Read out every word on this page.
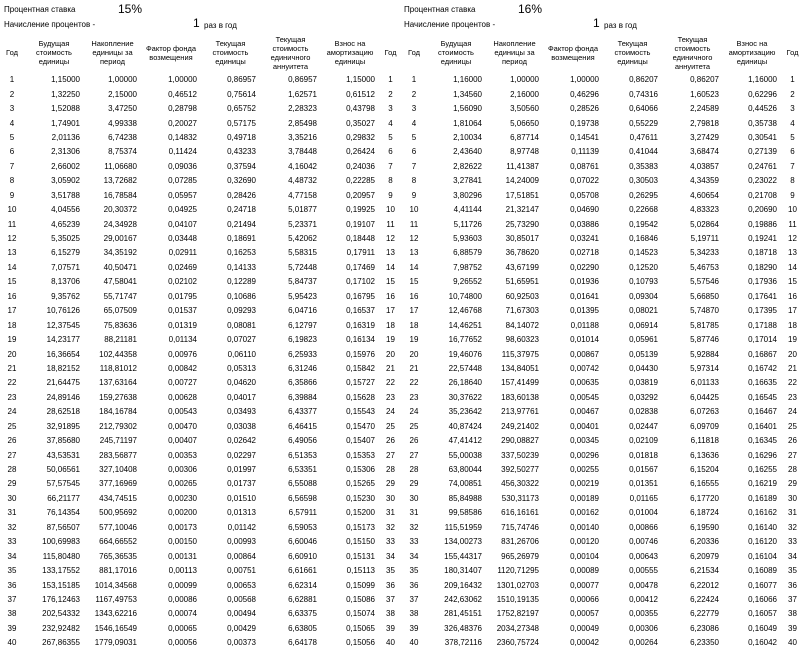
Процентная ставка	15%
Начисление процентов -	1 раз в год
Год	Будущая стоимость единицы	Накопление единицы за период	Фактор фонда возмещения	Текущая стоимость единицы	Текущая стоимость единичного аннуитета	Взнос на амортизацию единицы	Год
1	1,15000	1,00000	1,00000	0,86957	0,86957	1,15000	1
2	1,32250	2,15000	0,46512	0,75614	1,62571	0,61512	2
3	1,52088	3,47250	0,28798	0,65752	2,28323	0,43798	3
4	1,74901	4,99338	0,20027	0,57175	2,85498	0,35027	4
5	2,01136	6,74238	0,14832	0,49718	3,35216	0,29832	5
6	2,31306	8,75374	0,11424	0,43233	3,78448	0,26424	6
7	2,66002	11,06680	0,09036	0,37594	4,16042	0,24036	7
8	3,05902	13,72682	0,07285	0,32690	4,48732	0,22285	8
9	3,51788	16,78584	0,05957	0,28426	4,77158	0,20957	9
10	4,04556	20,30372	0,04925	0,24718	5,01877	0,19925	10
11	4,65239	24,34928	0,04107	0,21494	5,23371	0,19107	11
12	5,35025	29,00167	0,03448	0,18691	5,42062	0,18448	12
13	6,15279	34,35192	0,02911	0,16253	5,58315	0,17911	13
14	7,07571	40,50471	0,02469	0,14133	5,72448	0,17469	14
15	8,13706	47,58041	0,02102	0,12289	5,84737	0,17102	15
16	9,35762	55,71747	0,01795	0,10686	5,95423	0,16795	16
17	10,76126	65,07509	0,01537	0,09293	6,04716	0,16537	17
18	12,37545	75,83636	0,01319	0,08081	6,12797	0,16319	18
19	14,23177	88,21181	0,01134	0,07027	6,19823	0,16134	19
20	16,36654	102,44358	0,00976	0,06110	6,25933	0,15976	20
21	18,82152	118,81012	0,00842	0,05313	6,31246	0,15842	21
22	21,64475	137,63164	0,00727	0,04620	6,35866	0,15727	22
23	24,89146	159,27638	0,00628	0,04017	6,39884	0,15628	23
24	28,62518	184,16784	0,00543	0,03493	6,43377	0,15543	24
25	32,91895	212,79302	0,00470	0,03038	6,46415	0,15470	25
26	37,85680	245,71197	0,00407	0,02642	6,49056	0,15407	26
27	43,53531	283,56877	0,00353	0,02297	6,51353	0,15353	27
28	50,06561	327,10408	0,00306	0,01997	6,53351	0,15306	28
29	57,57545	377,16969	0,00265	0,01737	6,55088	0,15265	29
30	66,21177	434,74515	0,00230	0,01510	6,56598	0,15230	30
31	76,14354	500,95692	0,00200	0,01313	6,57911	0,15200	31
32	87,56507	577,10046	0,00173	0,01142	6,59053	0,15173	32
33	100,69983	664,66552	0,00150	0,00993	6,60046	0,15150	33
34	115,80480	765,36535	0,00131	0,00864	6,60910	0,15131	34
35	133,17552	881,17016	0,00113	0,00751	6,61661	0,15113	35
36	153,15185	1014,34568	0,00099	0,00653	6,62314	0,15099	36
37	176,12463	1167,49753	0,00086	0,00568	6,62881	0,15086	37
38	202,54332	1343,62216	0,00074	0,00494	6,63375	0,15074	38
39	232,92482	1546,16549	0,00065	0,00429	6,63805	0,15065	39
40	267,86355	1779,09031	0,00056	0,00373	6,64178	0,15056	40
Процентная ставка	16%
Начисление процентов -	1 раз в год
Год	Будущая стоимость единицы	Накопление единицы за период	Фактор фонда возмещения	Текущая стоимость единицы	Текущая стоимость единичного аннуитета	Взнос на амортизацию единицы	Год
1	1,16000	1,00000	1,00000	0,86207	0,86207	1,16000	1
2	1,34560	2,16000	0,46296	0,74316	1,60523	0,62296	2
3	1,56090	3,50560	0,28526	0,64066	2,24589	0,44526	3
4	1,81064	5,06650	0,19738	0,55229	2,79818	0,35738	4
5	2,10034	6,87714	0,14541	0,47611	3,27429	0,30541	5
6	2,43640	8,97748	0,11139	0,41044	3,68474	0,27139	6
7	2,82622	11,41387	0,08761	0,35383	4,03857	0,24761	7
8	3,27841	14,24009	0,07022	0,30503	4,34359	0,23022	8
9	3,80296	17,51851	0,05708	0,26295	4,60654	0,21708	9
10	4,41144	21,32147	0,04690	0,22668	4,83323	0,20690	10
11	5,11726	25,73290	0,03886	0,19542	5,02864	0,19886	11
12	5,93603	30,85017	0,03241	0,16846	5,19711	0,19241	12
13	6,88579	36,78620	0,02718	0,14523	5,34233	0,18718	13
14	7,98752	43,67199	0,02290	0,12520	5,46753	0,18290	14
15	9,26552	51,65951	0,01936	0,10793	5,57546	0,17936	15
16	10,74800	60,92503	0,01641	0,09304	5,66850	0,17641	16
17	12,46768	71,67303	0,01395	0,08021	5,74870	0,17395	17
18	14,46251	84,14072	0,01188	0,06914	5,81785	0,17188	18
19	16,77652	98,60323	0,01014	0,05961	5,87746	0,17014	19
20	19,46076	115,37975	0,00867	0,05139	5,92884	0,16867	20
21	22,57448	134,84051	0,00742	0,04430	5,97314	0,16742	21
22	26,18640	157,41499	0,00635	0,03819	6,01133	0,16635	22
23	30,37622	183,60138	0,00545	0,03292	6,04425	0,16545	23
24	35,23642	213,97761	0,00467	0,02838	6,07263	0,16467	24
25	40,87424	249,21402	0,00401	0,02447	6,09709	0,16401	25
26	47,41412	290,08827	0,00345	0,02109	6,11818	0,16345	26
27	55,00038	337,50239	0,00296	0,01818	6,13636	0,16296	27
28	63,80044	392,50277	0,00255	0,01567	6,15204	0,16255	28
29	74,00851	456,30322	0,00219	0,01351	6,16555	0,16219	29
30	85,84988	530,31173	0,00189	0,01165	6,17720	0,16189	30
31	99,58586	616,16161	0,00162	0,01004	6,18724	0,16162	31
32	115,51959	715,74746	0,00140	0,00866	6,19590	0,16140	32
33	134,00273	831,26706	0,00120	0,00746	6,20336	0,16120	33
34	155,44317	965,26979	0,00104	0,00643	6,20979	0,16104	34
35	180,31407	1120,71295	0,00089	0,00555	6,21534	0,16089	35
36	209,16432	1301,02703	0,00077	0,00478	6,22012	0,16077	36
37	242,63062	1510,19135	0,00066	0,00412	6,22424	0,16066	37
38	281,45151	1752,82197	0,00057	0,00355	6,22779	0,16057	38
39	326,48376	2034,27348	0,00049	0,00306	6,23086	0,16049	39
40	378,72116	2360,75724	0,00042	0,00264	6,23350	0,16042	40
